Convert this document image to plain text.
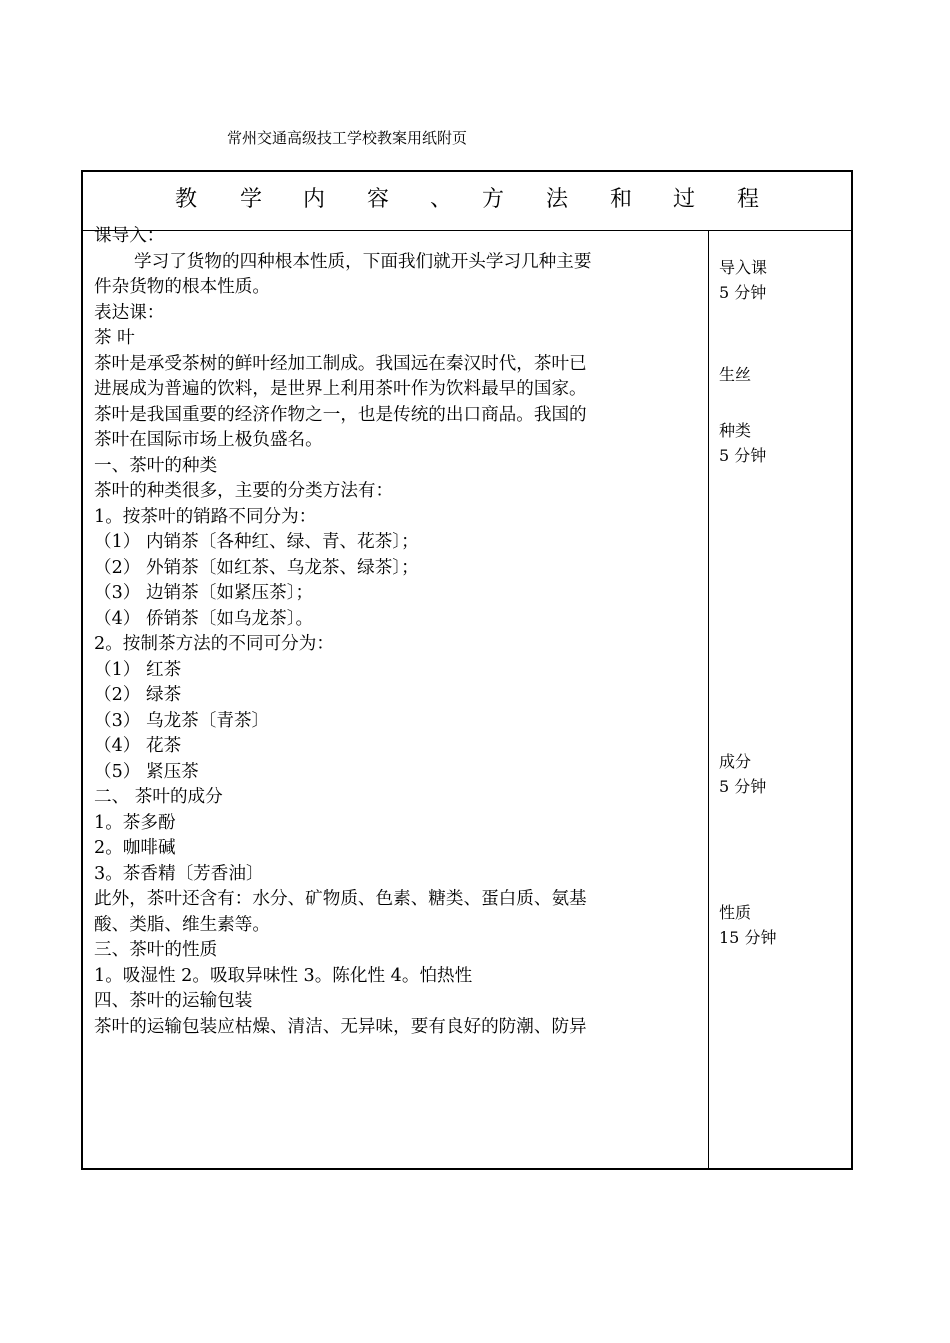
常州交通高级技工学校教案用纸附页
教 学 内 容 、 方 法 和 过 程
课导入：
学习了货物的四种根本性质，下面我们就开头学习几种主要
件杂货物的根本性质。
表达课：
茶 叶
茶叶是承受茶树的鲜叶经加工制成。我国远在秦汉时代，茶叶已
进展成为普遍的饮料，是世界上利用茶叶作为饮料最早的国家。
茶叶是我国重要的经济作物之一，也是传统的出口商品。我国的
茶叶在国际市场上极负盛名。
一、茶叶的种类
茶叶的种类很多，主要的分类方法有：
1。按茶叶的销路不同分为：
（1） 内销茶〔各种红、绿、青、花茶〕；
（2） 外销茶〔如红茶、乌龙茶、绿茶〕；
（3） 边销茶〔如紧压茶〕；
（4） 侨销茶〔如乌龙茶〕。
2。按制茶方法的不同可分为：
（1） 红茶
（2） 绿茶
（3） 乌龙茶〔青茶〕
（4） 花茶
（5） 紧压茶
二、 茶叶的成分
1。茶多酚
2。咖啡碱
3。茶香精〔芳香油〕
此外，茶叶还含有：水分、矿物质、色素、糖类、蛋白质、氨基
酸、类脂、维生素等。
三、茶叶的性质
1。吸湿性 2。吸取异味性 3。陈化性 4。怕热性
四、茶叶的运输包装
茶叶的运输包装应枯燥、清洁、无异味，要有良好的防潮、防异
导入课
5 分钟
生丝
种类
5 分钟
成分
5 分钟
性质
15 分钟
